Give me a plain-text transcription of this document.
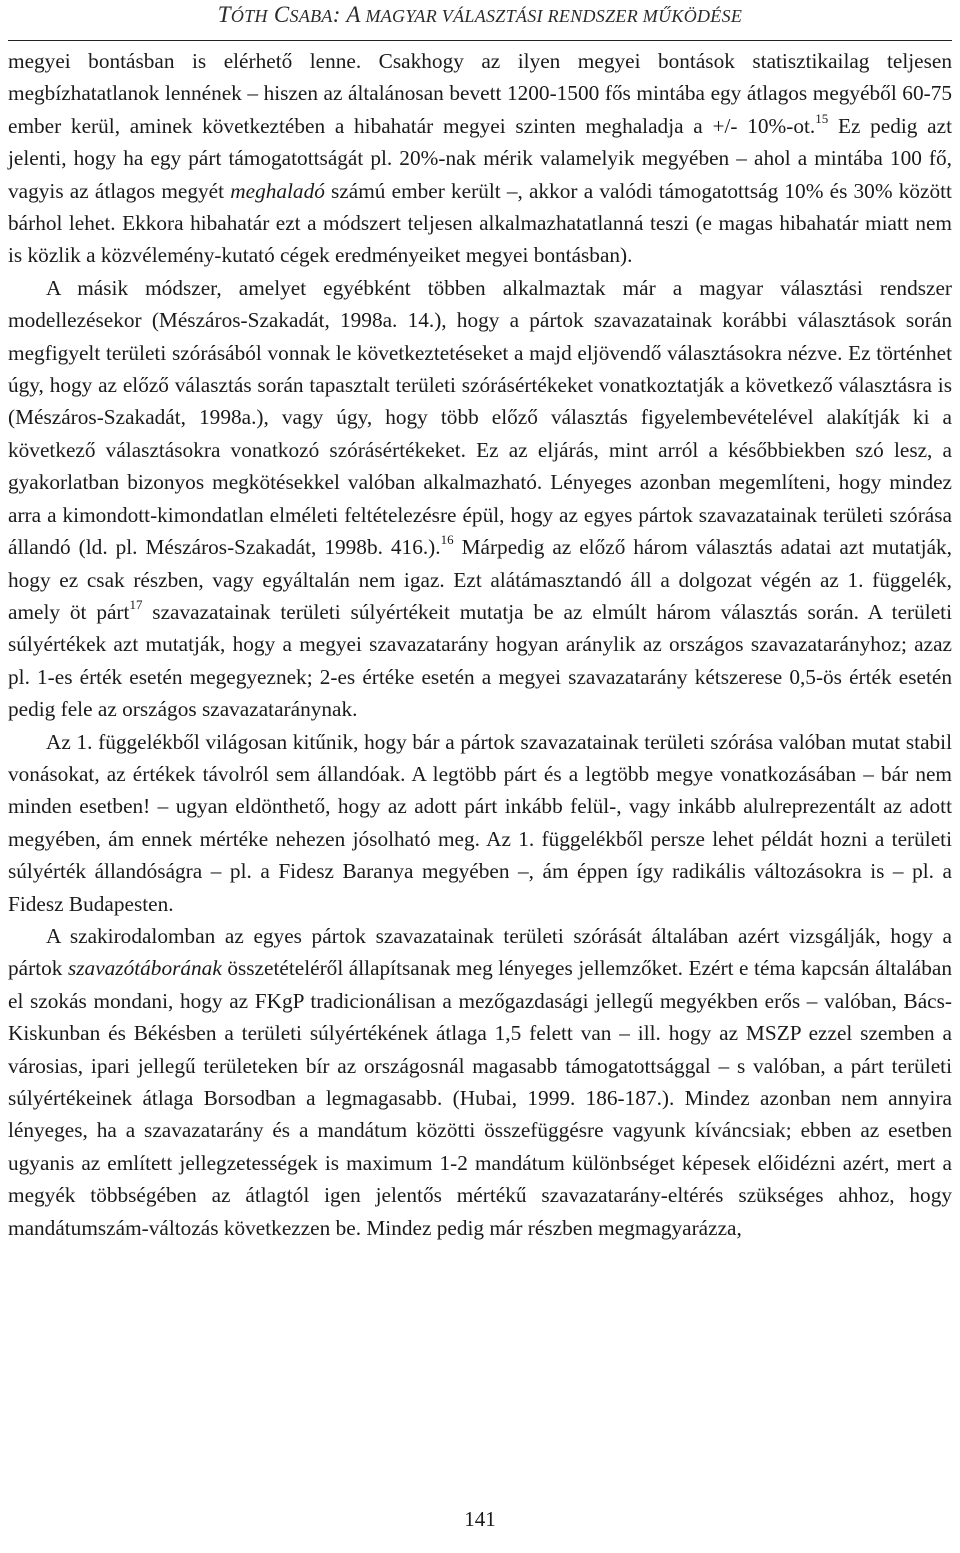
TÓTH CSABA: A MAGYAR VÁLASZTÁSI RENDSZER MŰKÖDÉSE

megyei bontásban is elérhető lenne. Csakhogy az ilyen megyei bontások statisztikailag teljesen megbízhatatlanok lennének – hiszen az általánosan bevett 1200-1500 fős mintába egy átlagos megyéből 60-75 ember kerül, aminek következtében a hibahatár megyei szinten meghaladja a +/- 10%-ot.$^{15}$ Ez pedig azt jelenti, hogy ha egy párt támogatottságát pl. 20%-nak mérik valamelyik megyében – ahol a mintába 100 fő, vagyis az átlagos megyét meghaladó számú ember került –, akkor a valódi támogatottság 10% és 30% között bárhol lehet. Ekkora hibahatár ezt a módszert teljesen alkalmazhatatlanná teszi (e magas hibahatár miatt nem is közlik a közvélemény-kutató cégek eredményeiket megyei bontásban).

A másik módszer, amelyet egyébként többen alkalmaztak már a magyar választási rendszer modellezésekor (Mészáros-Szakadát, 1998a. 14.), hogy a pártok szavazatainak korábbi választások során megfigyelt területi szórásából vonnak le következtetéseket a majd eljövendő választásokra nézve. Ez történhet úgy, hogy az előző választás során tapasztalt területi szórásértékeket vonatkoztatják a következő választásra is (Mészáros-Szakadát, 1998a.), vagy úgy, hogy több előző választás figyelembevételével alakítják ki a következő választásokra vonatkozó szórásértékeket. Ez az eljárás, mint arról a későbbiekben szó lesz, a gyakorlatban bizonyos megkötésekkel valóban alkalmazható. Lényeges azonban megemlíteni, hogy mindez arra a kimondott-kimondatlan elméleti feltételezésre épül, hogy az egyes pártok szavazatainak területi szórása állandó (ld. pl. Mészáros-Szakadát, 1998b. 416.).$^{16}$ Márpedig az előző három választás adatai azt mutatják, hogy ez csak részben, vagy egyáltalán nem igaz. Ezt alátámasztandó áll a dolgozat végén az 1. függelék, amely öt párt$^{17}$ szavazatainak területi súlyértékeit mutatja be az elmúlt három választás során. A területi súlyértékek azt mutatják, hogy a megyei szavazatarány hogyan aránylik az országos szavazatarányhoz; azaz pl. 1-es érték esetén megegyeznek; 2-es értéke esetén a megyei szavazatarány kétszerese 0,5-ös érték esetén pedig fele az országos szavazataránynak.

Az 1. függelékből világosan kitűnik, hogy bár a pártok szavazatainak területi szórása valóban mutat stabil vonásokat, az értékek távolról sem állandóak. A legtöbb párt és a legtöbb megye vonatkozásában – bár nem minden esetben! – ugyan eldönthető, hogy az adott párt inkább felül-, vagy inkább alulreprezentált az adott megyében, ám ennek mértéke nehezen jósolható meg. Az 1. függelékből persze lehet példát hozni a területi súlyérték állandóságra – pl. a Fidesz Baranya megyében –, ám éppen így radikális változásokra is – pl. a Fidesz Budapesten.

A szakirodalomban az egyes pártok szavazatainak területi szórását általában azért vizsgálják, hogy a pártok szavazótáborának összetételéről állapítsanak meg lényeges jellemzőket. Ezért e téma kapcsán általában el szokás mondani, hogy az FKgP tradicionálisan a mezőgazdasági jellegű megyékben erős – valóban, Bács-Kiskunban és Békésben a területi súlyértékének átlaga 1,5 felett van – ill. hogy az MSZP ezzel szemben a városias, ipari jellegű területeken bír az országosnál magasabb támogatottsággal – s valóban, a párt területi súlyértékeinek átlaga Borsodban a legmagasabb. (Hubai, 1999. 186-187.). Mindez azonban nem annyira lényeges, ha a szavazatarány és a mandátum közötti összefüggésre vagyunk kíváncsiak; ebben az esetben ugyanis az említett jellegzetességek is maximum 1-2 mandátum különbséget képesek előidézni azért, mert a megyék többségében az átlagtól igen jelentős mértékű szavazatarány-eltérés szükséges ahhoz, hogy mandátumszám-változás következzen be. Mindez pedig már részben megmagyarázza,

141
